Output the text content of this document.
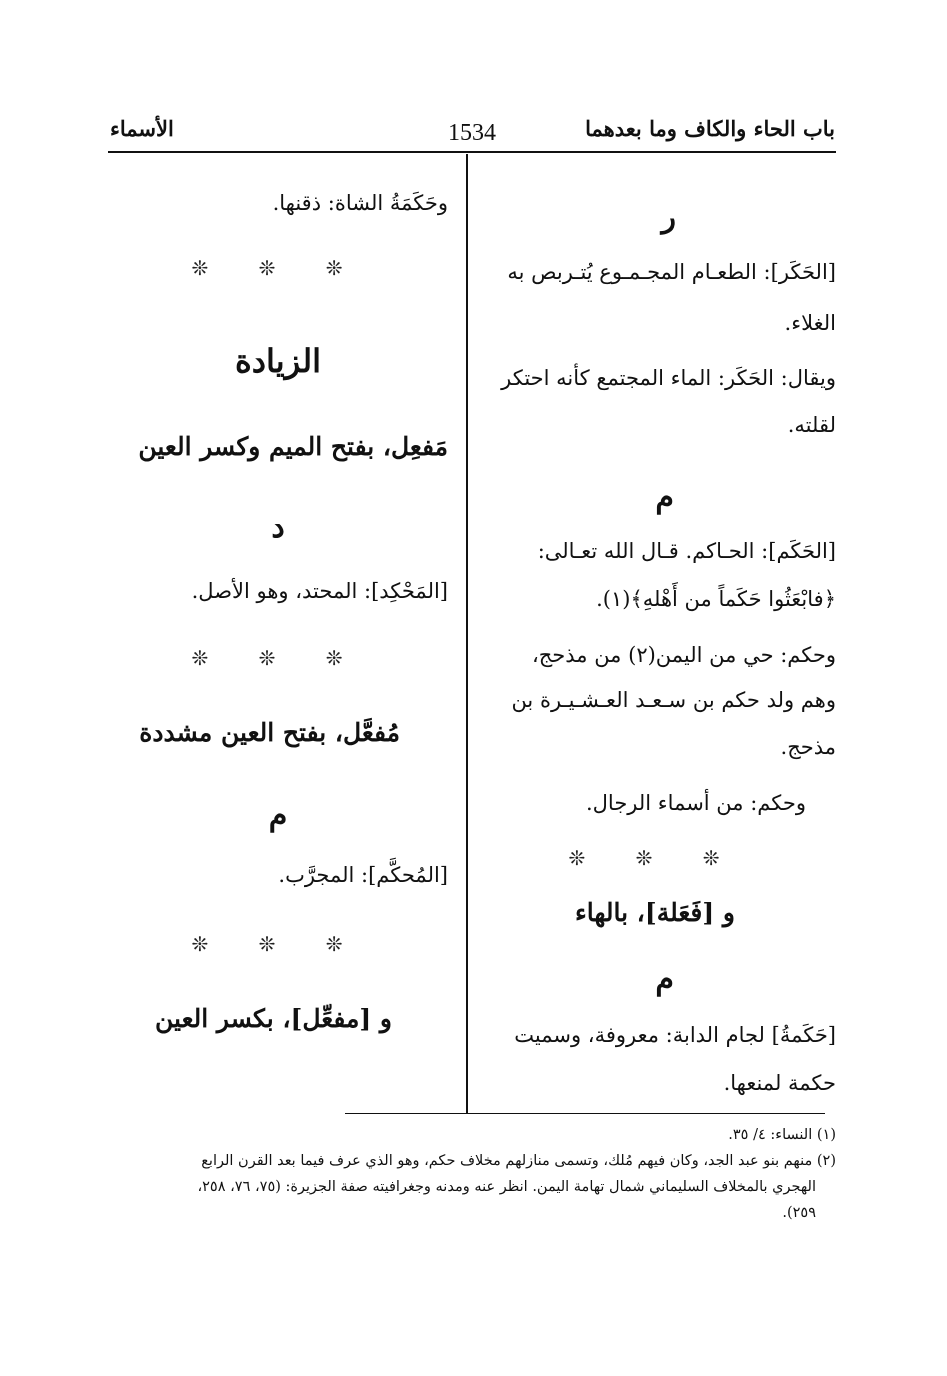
الأسماء	1534	باب الحاء والكاف وما بعدهما
ر

[الحَكَر]: الطعـام المجـمـوع يُتـربص به

الغلاء.

ويقال: الحَكَر: الماء المجتمع كأنه احتكر

لقلته.

م

[الحَكَم]: الحـاكم. قـال الله تعـالى:

﴿فابْعَثُوا حَكَماً من أَهْلهِ﴾(١).

وحكم: حي من اليمن(٢) من مذحج،

وهم ولد حكم بن سـعـد العـشـيـرة بن

مذحج.

وحكم: من أسماء الرجال.

❊ ❊ ❊
و [فَعَلة]، بالهاء
م

[حَكَمةُ] لجام الدابة: معروفة، وسميت

حكمة لمنعها.

وحَكَمَةُ الشاة: ذقنها.

❊ ❊ ❊
الزيادة
مَفعِل، بفتح الميم وكسر العين
د

[المَحْكِد]: المحتد، وهو الأصل.

❊ ❊ ❊
مُفعَّل، بفتح العين مشددة
م

[المُحكَّم]: المجرَّب.

❊ ❊ ❊
و [مفعِّل]، بكسر العين

(١) النساء: ٤/ ٣٥.

(٢) منهم بنو عبد الجد، وكان فيهم مُلك، وتسمى منازلهم مخلاف حكم، وهو الذي عرف فيما بعد القرن الرابع

الهجري بالمخلاف السليماني شمال تهامة اليمن. انظر عنه ومدنه وجغرافيته صفة الجزيرة: (٧٥، ٧٦، ٢٥٨،

٢٥٩).
